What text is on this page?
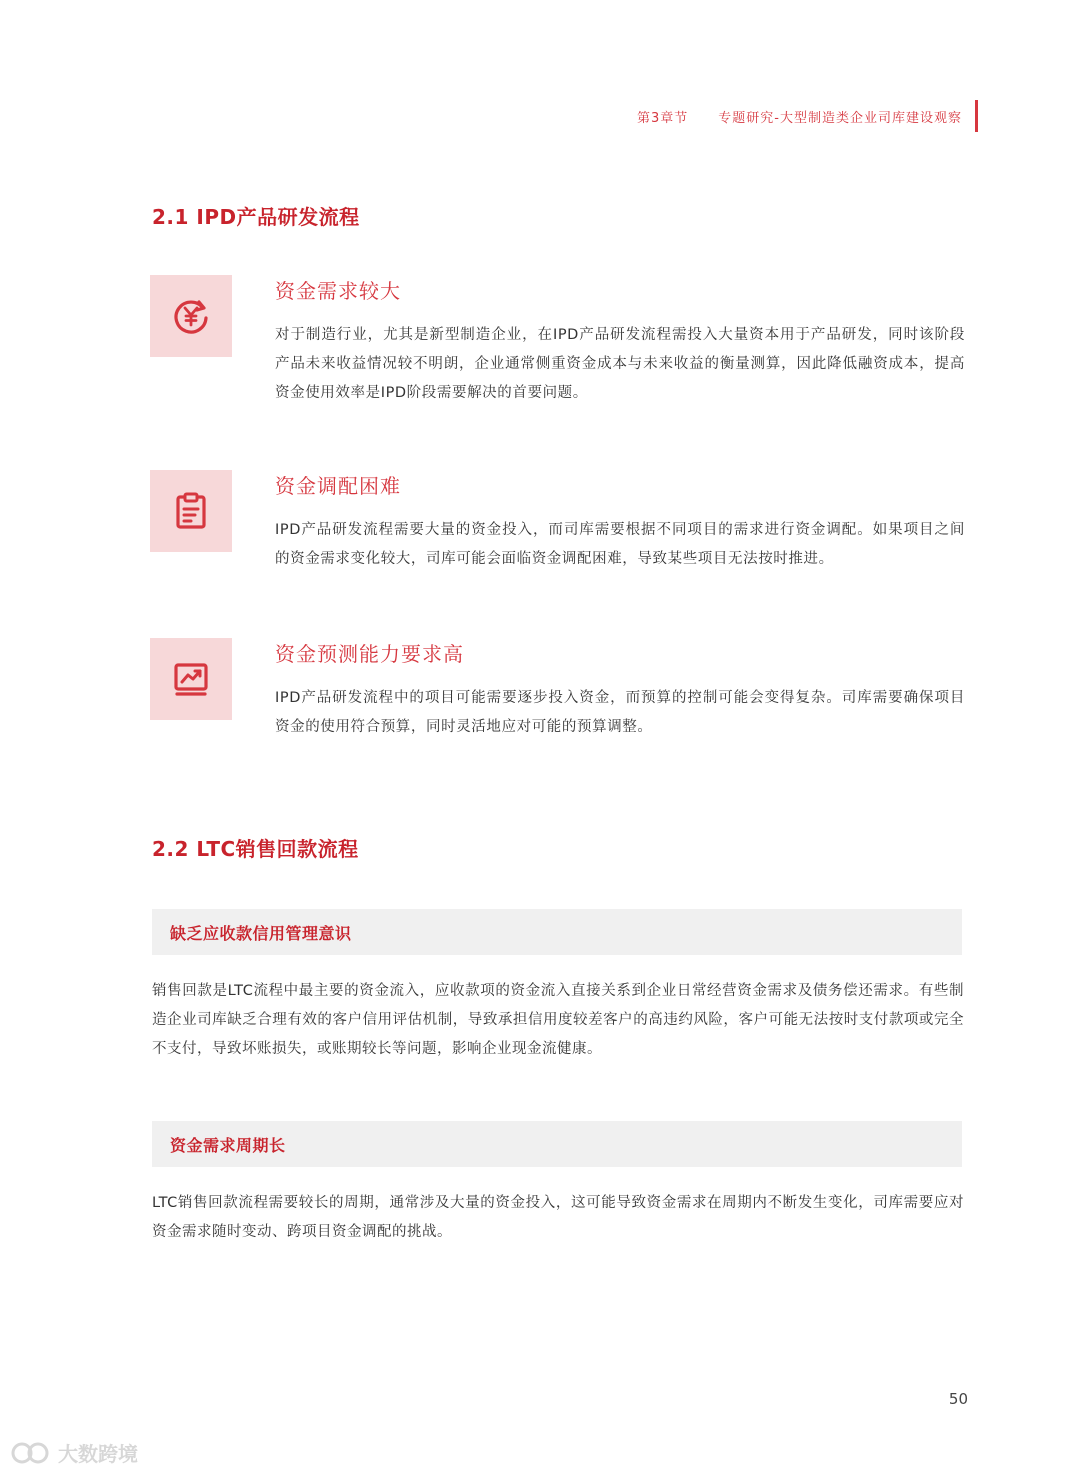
第3章节 专题研究-大型制造类企业司库建设观察
2.1 IPD产品研发流程
资金需求较大
对于制造行业，尤其是新型制造企业，在IPD产品研发流程需投入大量资本用于产品研发，同时该阶段产品未来收益情况较不明朗，企业通常侧重资金成本与未来收益的衡量测算，因此降低融资成本，提高资金使用效率是IPD阶段需要解决的首要问题。
资金调配困难
IPD产品研发流程需要大量的资金投入，而司库需要根据不同项目的需求进行资金调配。如果项目之间的资金需求变化较大，司库可能会面临资金调配困难，导致某些项目无法按时推进。
资金预测能力要求高
IPD产品研发流程中的项目可能需要逐步投入资金，而预算的控制可能会变得复杂。司库需要确保项目资金的使用符合预算，同时灵活地应对可能的预算调整。
2.2 LTC销售回款流程
缺乏应收款信用管理意识
销售回款是LTC流程中最主要的资金流入，应收款项的资金流入直接关系到企业日常经营资金需求及债务偿还需求。有些制造企业司库缺乏合理有效的客户信用评估机制，导致承担信用度较差客户的高违约风险，客户可能无法按时支付款项或完全不支付，导致坏账损失，或账期较长等问题，影响企业现金流健康。
资金需求周期长
LTC销售回款流程需要较长的周期，通常涉及大量的资金投入，这可能导致资金需求在周期内不断发生变化，司库需要应对资金需求随时变动、跨项目资金调配的挑战。
50
大数跨境
